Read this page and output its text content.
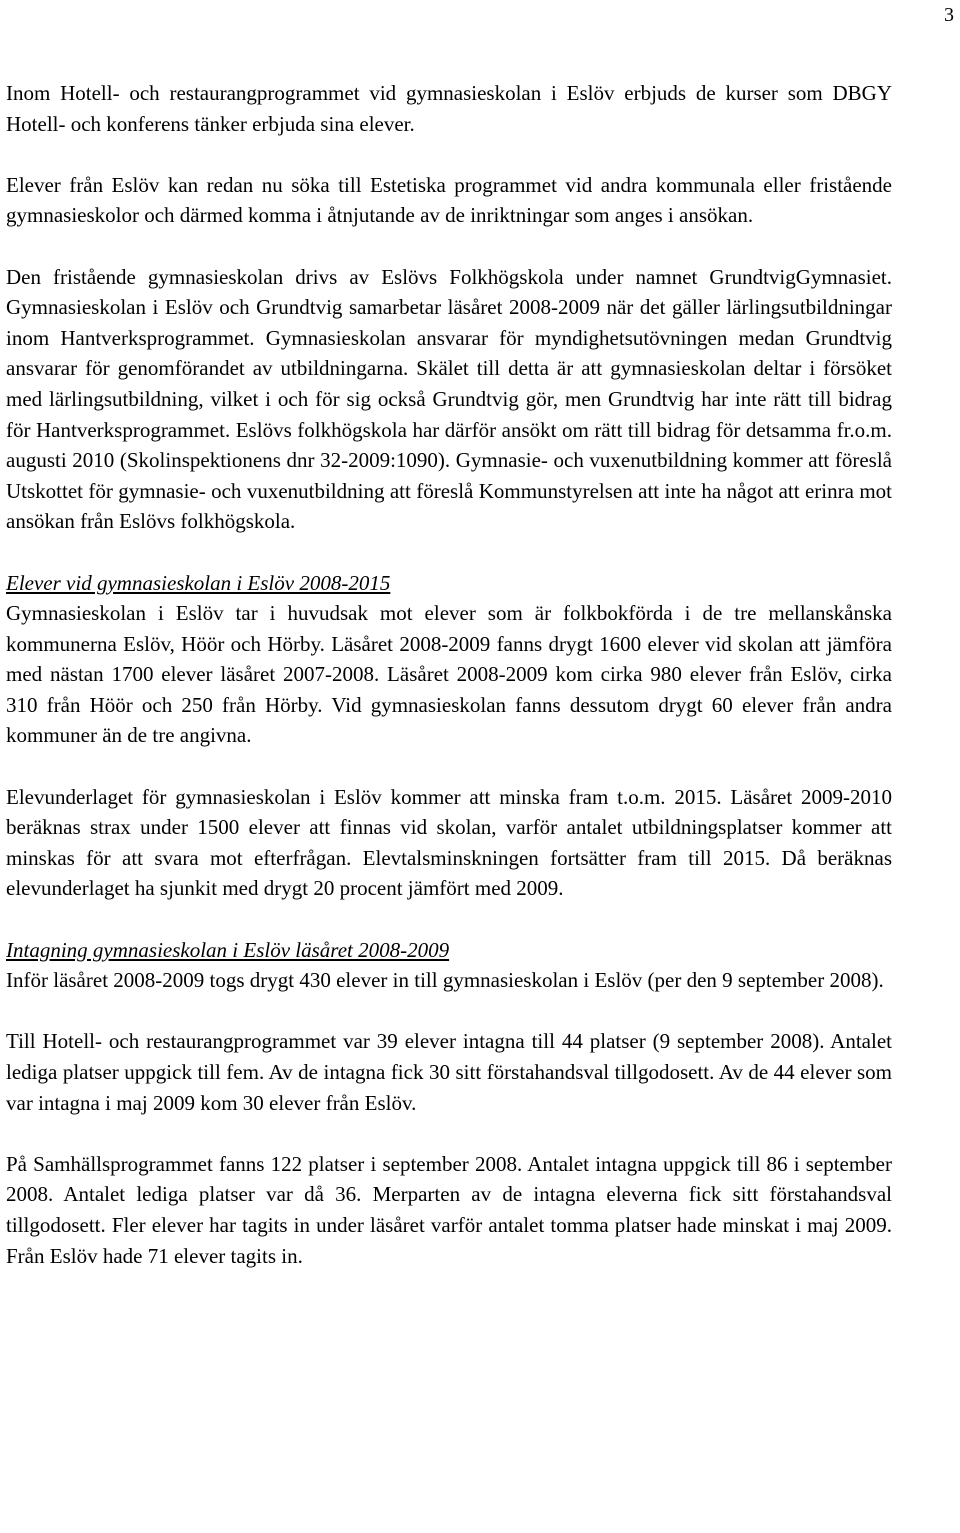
3

Inom Hotell- och restaurangprogrammet vid gymnasieskolan i Eslöv erbjuds de kurser som DBGY Hotell- och konferens tänker erbjuda sina elever.

Elever från Eslöv kan redan nu söka till Estetiska programmet vid andra kommunala eller fristående gymnasieskolor och därmed komma i åtnjutande av de inriktningar som anges i ansökan.

Den fristående gymnasieskolan drivs av Eslövs Folkhögskola under namnet GrundtvigGymnasiet. Gymnasieskolan i Eslöv och Grundtvig samarbetar läsåret 2008-2009 när det gäller lärlingsutbildningar inom Hantverksprogrammet. Gymnasieskolan ansvarar för myndighetsutövningen medan Grundtvig ansvarar för genomförandet av utbildningarna. Skälet till detta är att gymnasieskolan deltar i försöket med lärlingsutbildning, vilket i och för sig också Grundtvig gör, men Grundtvig har inte rätt till bidrag för Hantverksprogrammet. Eslövs folkhögskola har därför ansökt om rätt till bidrag för detsamma fr.o.m. augusti 2010 (Skolinspektionens dnr 32-2009:1090). Gymnasie- och vuxenutbildning kommer att föreslå Utskottet för gymnasie- och vuxenutbildning att föreslå Kommunstyrelsen att inte ha något att erinra mot ansökan från Eslövs folkhögskola.

Elever vid gymnasieskolan i Eslöv 2008-2015

Gymnasieskolan i Eslöv tar i huvudsak mot elever som är folkbokförda i de tre mellanskånska kommunerna Eslöv, Höör och Hörby. Läsåret 2008-2009 fanns drygt 1600 elever vid skolan att jämföra med nästan 1700 elever läsåret 2007-2008. Läsåret 2008-2009 kom cirka 980 elever från Eslöv, cirka 310 från Höör och 250 från Hörby. Vid gymnasieskolan fanns dessutom drygt 60 elever från andra kommuner än de tre angivna.

Elevunderlaget för gymnasieskolan i Eslöv kommer att minska fram t.o.m. 2015. Läsåret 2009-2010 beräknas strax under 1500 elever att finnas vid skolan, varför antalet utbildningsplatser kommer att minskas för att svara mot efterfrågan. Elevtalsminskningen fortsätter fram till 2015. Då beräknas elevunderlaget ha sjunkit med drygt 20 procent jämfört med 2009.

Intagning gymnasieskolan i Eslöv läsåret 2008-2009

Inför läsåret 2008-2009 togs drygt 430 elever in till gymnasieskolan i Eslöv (per den 9 september 2008).

Till Hotell- och restaurangprogrammet var 39 elever intagna till 44 platser (9 september 2008). Antalet lediga platser uppgick till fem. Av de intagna fick 30 sitt förstahandsval tillgodosett. Av de 44 elever som var intagna i maj 2009 kom 30 elever från Eslöv.

På Samhällsprogrammet fanns 122 platser i september 2008. Antalet intagna uppgick till 86 i september 2008. Antalet lediga platser var då 36. Merparten av de intagna eleverna fick sitt förstahandsval tillgodosett. Fler elever har tagits in under läsåret varför antalet tomma platser hade minskat i maj 2009. Från Eslöv hade 71 elever tagits in.
